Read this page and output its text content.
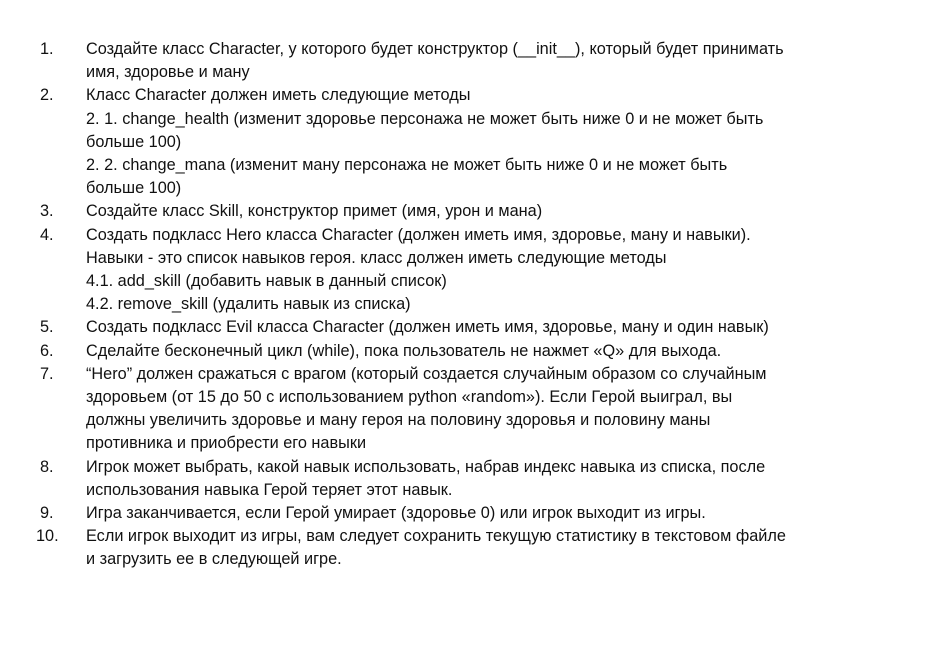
1.	Создайте класс Character, у которого будет конструктор (__init__), который будет принимать
имя, здоровье и ману
2.	Класс Character должен иметь следующие методы
2. 1. change_health (изменит здоровье персонажа не может быть ниже 0 и не может быть
больше 100)
2. 2. change_mana (изменит ману персонажа не может быть ниже 0 и не может быть
больше 100)
3.	Создайте класс Skill, конструктор примет (имя, урон и мана)
4.	Создать подкласс Hero класса Character (должен иметь имя, здоровье, ману и навыки).
Навыки - это список навыков героя. класс должен иметь следующие методы
4.1. add_skill (добавить навык в данный список)
4.2. remove_skill (удалить навык из списка)
5.	Создать подкласс Evil класса Character (должен иметь имя, здоровье, ману и один навык)
6.	Сделайте бесконечный цикл (while), пока пользователь не нажмет «Q» для выхода.
7.	“Hero” должен сражаться с врагом (который создается случайным образом со случайным
здоровьем (от 15 до 50 с использованием python «random»). Если Герой выиграл, вы
должны увеличить здоровье и ману героя на половину здоровья и половину маны
противника и приобрести его навыки
8.	Игрок может выбрать, какой навык использовать, набрав индекс навыка из списка, после
использования навыка Герой теряет этот навык.
9.	Игра заканчивается, если Герой умирает (здоровье 0) или игрок выходит из игры.
10.	Если игрок выходит из игры, вам следует сохранить текущую статистику в текстовом файле
и загрузить ее в следующей игре.
